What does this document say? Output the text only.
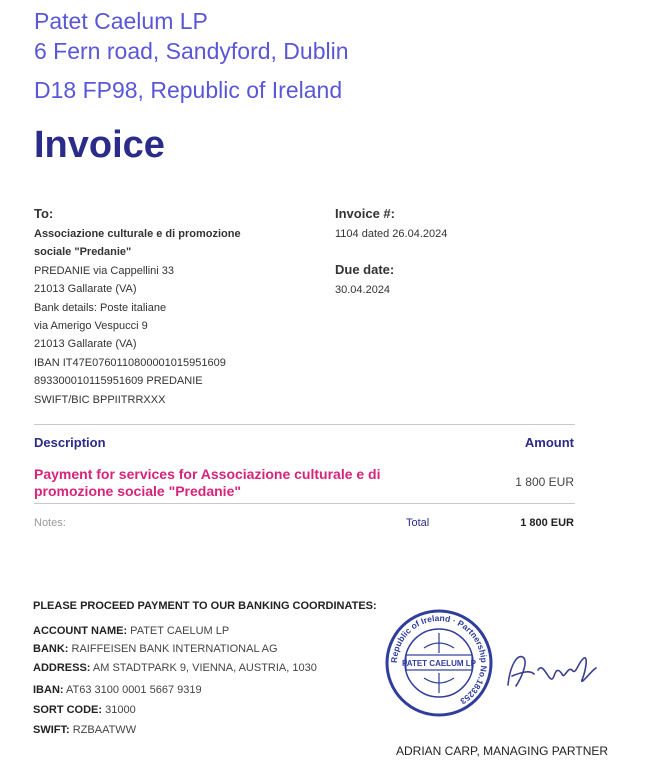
Patet Caelum LP
6 Fern road, Sandyford, Dublin
D18 FP98, Republic of Ireland
Invoice
To:
Associazione culturale e di promozione
sociale "Predanie"
PREDANIE via Cappellini 33
21013 Gallarate (VA)
Bank details: Poste italiane
via Amerigo Vespucci 9
21013 Gallarate (VA)
IBAN IT47E0760110800001015951609
893300010115951609 PREDANIE
SWIFT/BIC BPPIITRRXXX
Invoice #:
1104 dated 26.04.2024
Due date:
30.04.2024
Description	Amount
Payment for services for Associazione culturale e di
promozione sociale "Predanie"
1 800 EUR
Notes:	Total	1 800 EUR
PLEASE PROCEED PAYMENT TO OUR BANKING COORDINATES:
ACCOUNT NAME: PATET CAELUM LP
BANK: RAIFFEISEN BANK INTERNATIONAL AG
ADDRESS: AM STADTPARK 9, VIENNA, AUSTRIA, 1030
IBAN: AT63 3100 0001 5667 9319
SORT CODE: 31000
SWIFT: RZBAATWW
Republic of Ireland · Partnership No.183253
PATET CAELUM LP
ADRIAN CARP, MANAGING PARTNER
